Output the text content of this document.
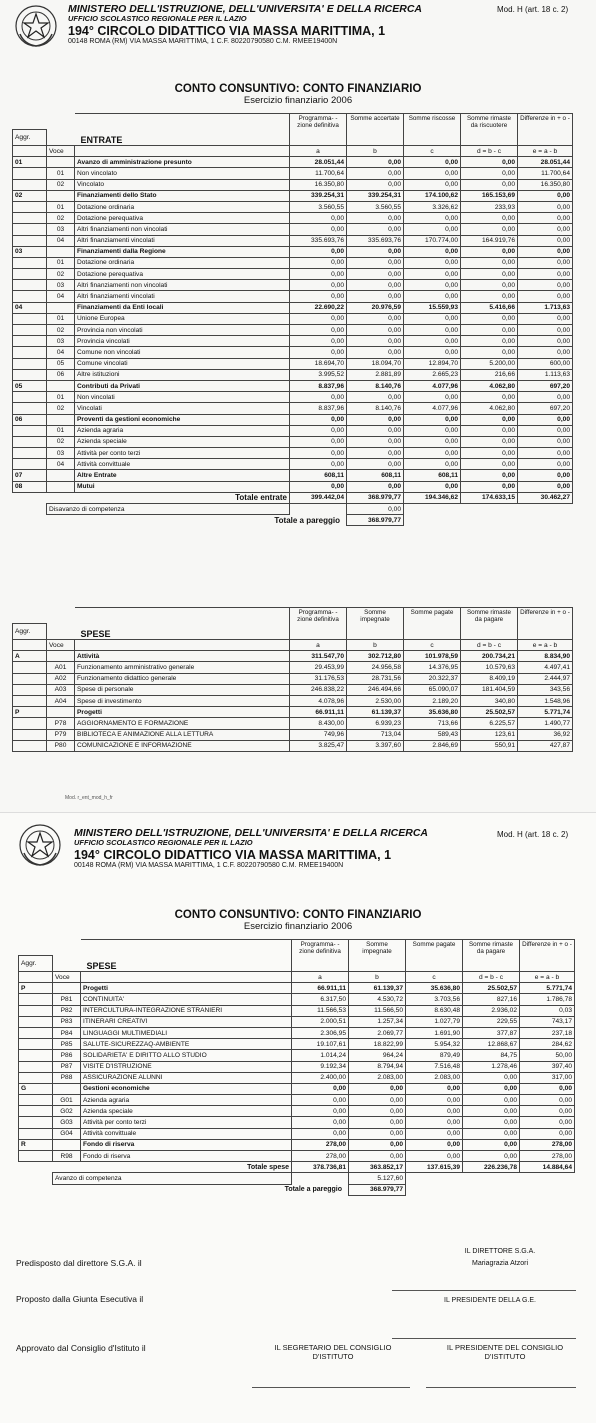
MINISTERO DELL'ISTRUZIONE, DELL'UNIVERSITA' E DELLA RICERCA
UFFICIO SCOLASTICO REGIONALE PER IL LAZIO
194° CIRCOLO DIDATTICO VIA MASSA MARITTIMA, 1
00148 ROMA (RM) VIA MASSA MARITTIMA, 1 C.F. 80220790580 C.M. RMEE19400N
Mod. H (art. 18 c. 2)
CONTO CONSUNTIVO: CONTO FINANZIARIO
Esercizio finanziario 2006
		ENTRATE	Programma- -zione definitiva	Somme accertate	Somme riscosse	Somme rimaste da riscuotere	Differenze in + o -
Aggr.							
	Voce		a	b	c	d = b - c	e = a - b
01		Avanzo di amministrazione presunto	28.051,44	0,00	0,00	0,00	28.051,44
	01	Non vincolato	11.700,64	0,00	0,00	0,00	11.700,64
	02	Vincolato	16.350,80	0,00	0,00	0,00	16.350,80
02		Finanziamenti dello Stato	339.254,31	339.254,31	174.100,62	165.153,69	0,00
	01	Dotazione ordinaria	3.560,55	3.560,55	3.326,62	233,93	0,00
	02	Dotazione perequativa	0,00	0,00	0,00	0,00	0,00
	03	Altri finanziamenti non vincolati	0,00	0,00	0,00	0,00	0,00
	04	Altri finanziamenti vincolati	335.693,76	335.693,76	170.774,00	164.919,76	0,00
03		Finanziamenti dalla Regione	0,00	0,00	0,00	0,00	0,00
	01	Dotazione ordinaria	0,00	0,00	0,00	0,00	0,00
	02	Dotazione perequativa	0,00	0,00	0,00	0,00	0,00
	03	Altri finanziamenti non vincolati	0,00	0,00	0,00	0,00	0,00
	04	Altri finanziamenti vincolati	0,00	0,00	0,00	0,00	0,00
04		Finanziamenti da Enti locali	22.690,22	20.976,59	15.559,93	5.416,66	1.713,63
	01	Unione Europea	0,00	0,00	0,00	0,00	0,00
	02	Provincia non vincolati	0,00	0,00	0,00	0,00	0,00
	03	Provincia vincolati	0,00	0,00	0,00	0,00	0,00
	04	Comune non vincolati	0,00	0,00	0,00	0,00	0,00
	05	Comune vincolati	18.694,70	18.094,70	12.894,70	5.200,00	600,00
	06	Altre istituzioni	3.995,52	2.881,89	2.665,23	216,66	1.113,63
05		Contributi da Privati	8.837,96	8.140,76	4.077,96	4.062,80	697,20
	01	Non vincolati	0,00	0,00	0,00	0,00	0,00
	02	Vincolati	8.837,96	8.140,76	4.077,96	4.062,80	697,20
06		Proventi da gestioni economiche	0,00	0,00	0,00	0,00	0,00
	01	Azienda agraria	0,00	0,00	0,00	0,00	0,00
	02	Azienda speciale	0,00	0,00	0,00	0,00	0,00
	03	Attività per conto terzi	0,00	0,00	0,00	0,00	0,00
	04	Attività convittuale	0,00	0,00	0,00	0,00	0,00
07		Altre Entrate	608,11	608,11	608,11	0,00	0,00
08		Mutui	0,00	0,00	0,00	0,00	0,00
		Totale entrate	399.442,04	368.979,77	194.346,62	174.633,15	30.462,27
	Disavanzo di competenza			0,00			
		Totale a pareggio		368.979,77			
		SPESE	Programma- -zione definitiva	Somme impegnate	Somme pagate	Somme rimaste da pagare	Differenze in + o -
Aggr.							
	Voce		a	b	c	d = b - c	e = a - b
A		Attività	311.547,70	302.712,80	101.978,59	200.734,21	8.834,90
	A01	Funzionamento amministrativo generale	29.453,99	24.956,58	14.376,95	10.579,63	4.497,41
	A02	Funzionamento didattico generale	31.176,53	28.731,56	20.322,37	8.409,19	2.444,97
	A03	Spese di personale	246.838,22	246.494,66	65.090,07	181.404,59	343,56
	A04	Spese di investimento	4.078,96	2.530,00	2.189,20	340,80	1.548,96
P		Progetti	66.911,11	61.139,37	35.636,80	25.502,57	5.771,74
	P78	AGGIORNAMENTO E FORMAZIONE	8.430,00	6.939,23	713,66	6.225,57	1.490,77
	P79	BIBLIOTECA E ANIMAZIONE ALLA LETTURA	749,96	713,04	589,43	123,61	36,92
	P80	COMUNICAZIONE E INFORMAZIONE	3.825,47	3.397,60	2.846,69	550,91	427,87
Mod. r_ent_mod_h_fr
MINISTERO DELL'ISTRUZIONE, DELL'UNIVERSITA' E DELLA RICERCA
UFFICIO SCOLASTICO REGIONALE PER IL LAZIO
194° CIRCOLO DIDATTICO VIA MASSA MARITTIMA, 1
00148 ROMA (RM) VIA MASSA MARITTIMA, 1 C.F. 80220790580 C.M. RMEE19400N
Mod. H (art. 18 c. 2)
CONTO CONSUNTIVO: CONTO FINANZIARIO
Esercizio finanziario 2006
		SPESE	Programma- -zione definitiva	Somme impegnate	Somme pagate	Somme rimaste da pagare	Differenze in + o -
Aggr.							
	Voce		a	b	c	d = b - c	e = a - b
P		Progetti	66.911,11	61.139,37	35.636,80	25.502,57	5.771,74
	P81	CONTINUITA'	6.317,50	4.530,72	3.703,56	827,16	1.786,78
	P82	INTERCULTURA-INTEGRAZIONE STRANIERI	11.566,53	11.566,50	8.630,48	2.936,02	0,03
	P83	ITINERARI CREATIVI	2.000,51	1.257,34	1.027,79	229,55	743,17
	P84	LINGUAGGI MULTIMEDIALI	2.306,95	2.069,77	1.691,90	377,87	237,18
	P85	SALUTE-SICUREZZAQ-AMBIENTE	19.107,61	18.822,99	5.954,32	12.868,67	284,62
	P86	SOLIDARIETA' E DIRITTO ALLO STUDIO	1.014,24	964,24	879,49	84,75	50,00
	P87	VISITE D'ISTRUZIONE	9.192,34	8.794,94	7.516,48	1.278,46	397,40
	P88	ASSICURAZIONE ALUNNI	2.400,00	2.083,00	2.083,00	0,00	317,00
G		Gestioni economiche	0,00	0,00	0,00	0,00	0,00
	G01	Azienda agraria	0,00	0,00	0,00	0,00	0,00
	G02	Azienda speciale	0,00	0,00	0,00	0,00	0,00
	G03	Attività per conto terzi	0,00	0,00	0,00	0,00	0,00
	G04	Attività convittuale	0,00	0,00	0,00	0,00	0,00
R		Fondo di riserva	278,00	0,00	0,00	0,00	278,00
	R98	Fondo di riserva	278,00	0,00	0,00	0,00	278,00
		Totale spese	378.736,81	363.852,17	137.615,39	226.236,78	14.884,64
	Avanzo di competenza			5.127,60			
		Totale a pareggio		368.979,77			
Predisposto dal direttore S.G.A. il
IL DIRETTORE S.G.A.
Mariagrazia Atzori
Proposto dalla Giunta Esecutiva il	IL PRESIDENTE DELLA G.E.
Approvato dal Consiglio d'Istituto il	IL SEGRETARIO DEL CONSIGLIO D'ISTITUTO
IL PRESIDENTE DEL CONSIGLIO D'ISTITUTO
